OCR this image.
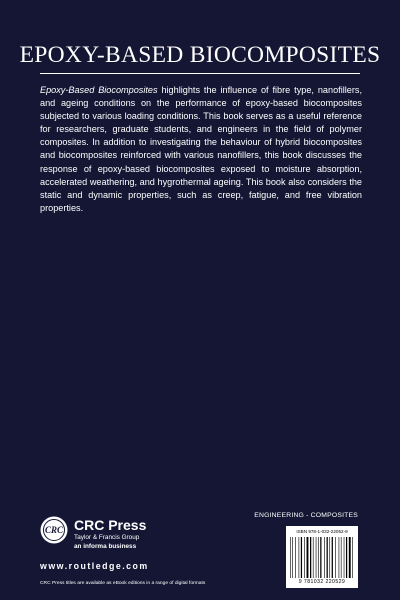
EPOXY-BASED BIOCOMPOSITES

Epoxy-Based Biocomposites highlights the influence of fibre type, nanofillers, and ageing conditions on the performance of epoxy-based biocomposites subjected to various loading conditions. This book serves as a useful reference for researchers, graduate students, and engineers in the field of polymer composites. In addition to investigating the behaviour of hybrid biocomposites and biocomposites reinforced with various nanofillers, this book discusses the response of epoxy-based biocomposites exposed to moisture absorption, accelerated weathering, and hygrothermal ageing. This book also considers the static and dynamic properties, such as creep, fatigue, and free vibration properties.

ENGINEERING - COMPOSITES
ISBN 978-1-032-22052-9
9 781032 220529
CRC CRC Press
Taylor & Francis Group
an informa business
www.routledge.com
CRC Press titles are available as eBook editions in a range of digital formats
